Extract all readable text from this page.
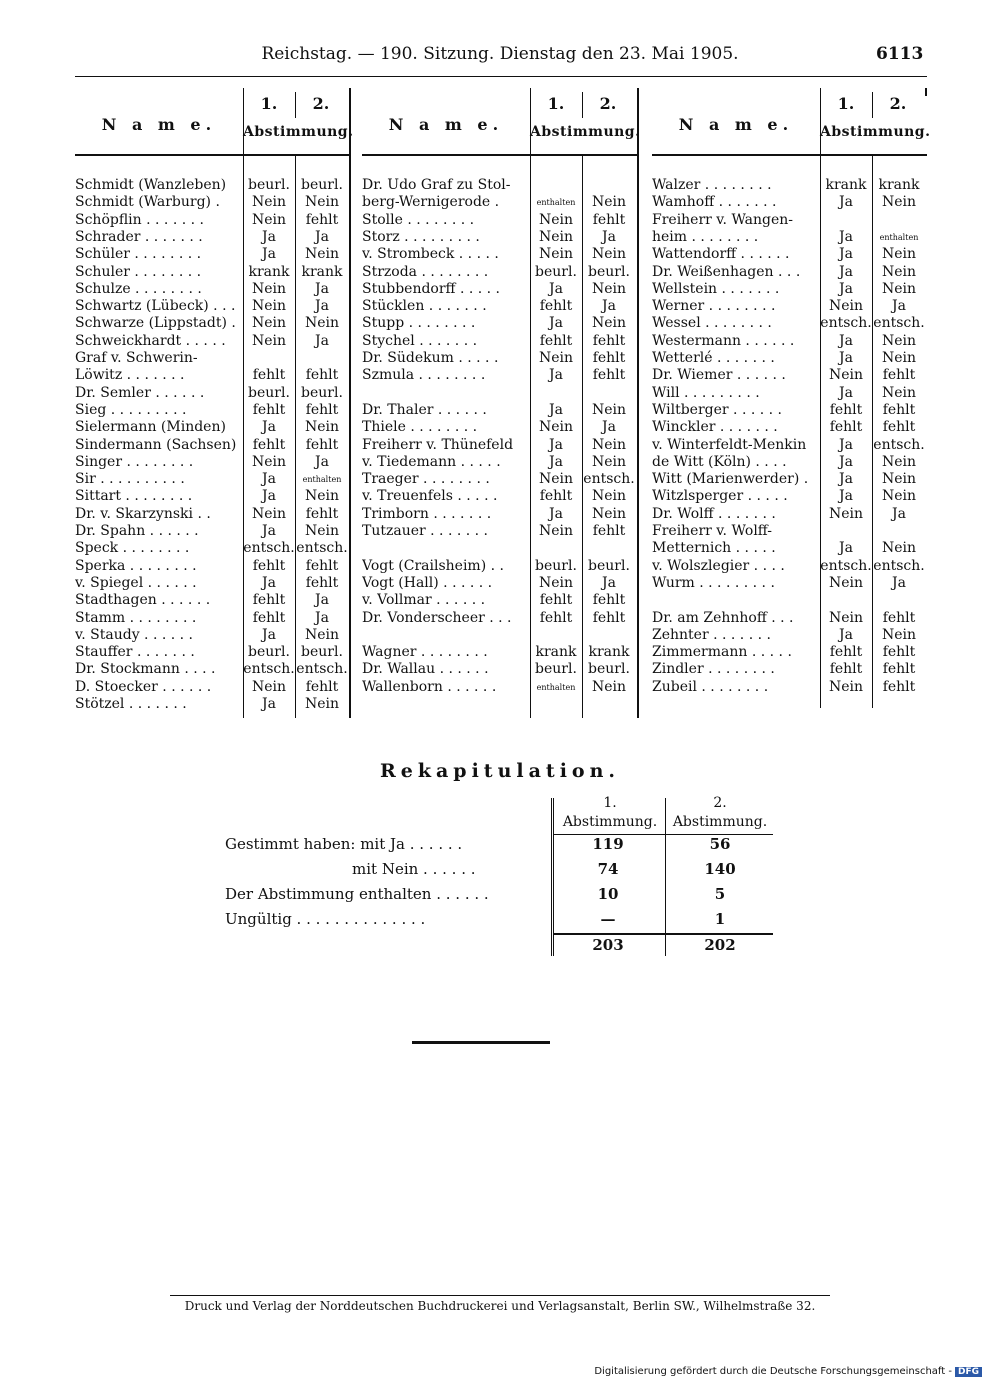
Reichstag. — 190. Sitzung. Dienstag den 23. Mai 1905.	6113
N a m e.
1.	2.
Abstimmung.
Schmidt (Wanzleben)	beurl. beurl.
Schmidt (Warburg) .	Nein	Nein
Schöpflin . . . . . . .	Nein	fehlt
Schrader . . . . . . .	Ja	Ja
Schüler . . . . . . . .	Ja	Nein
Schuler . . . . . . . .	krank krank
Schulze . . . . . . . .	Nein	Ja
Schwartz (Lübeck) . . .	Nein	Ja
Schwarze (Lippstadt) .	Nein	Nein
Schweickhardt . . . . .	Nein	Ja
Graf v. Schwerin-
Löwitz . . . . . . .	fehlt	fehlt
Dr. Semler . . . . . .	beurl. beurl.
Sieg . . . . . . . . .	fehlt	fehlt
Sielermann (Minden)	Ja	Nein
Sindermann (Sachsen)	fehlt	fehlt
Singer . . . . . . . .	Nein	Ja
Sir . . . . . . . . . .	Ja	enthalten
Sittart . . . . . . . .	Ja	Nein
Dr. v. Skarzynski . .	Nein	fehlt
Dr. Spahn . . . . . .	Ja	Nein
Speck . . . . . . . .	entsch. entsch.
Sperka . . . . . . . .	fehlt	fehlt
v. Spiegel . . . . . .	Ja	fehlt
Stadthagen . . . . . .	fehlt	Ja
Stamm . . . . . . . .	fehlt	Ja
v. Staudy . . . . . .	Ja	Nein
Stauffer . . . . . . .	beurl. beurl.
Dr. Stockmann . . . .	entsch. entsch.
D. Stoecker . . . . . .	Nein	fehlt
Stötzel . . . . . . .	Ja	Nein
N a m e.
1.	2.
Abstimmung.
Dr. Udo Graf zu Stol-
berg-Wernigerode .	enthalten	Nein
Stolle . . . . . . . .	Nein	fehlt
Storz . . . . . . . . .	Nein	Ja
v. Strombeck . . . . .	Nein	Nein
Strzoda . . . . . . . .	beurl. beurl.
Stubbendorff . . . . .	Ja	Nein
Stücklen . . . . . . .	fehlt	Ja
Stupp . . . . . . . .	Ja	Nein
Stychel . . . . . . .	fehlt	fehlt
Dr. Südekum . . . . .	Nein	fehlt
Szmula . . . . . . . .	Ja	fehlt
Dr. Thaler . . . . . .	Ja	Nein
Thiele . . . . . . . .	Nein	Ja
Freiherr v. Thünefeld	Ja	Nein
v. Tiedemann . . . . .	Ja	Nein
Traeger . . . . . . . .	Nein entsch.
v. Treuenfels . . . . .	fehlt	Nein
Trimborn . . . . . . .	Ja	Nein
Tutzauer . . . . . . .	Nein	fehlt
Vogt (Crailsheim) . .	beurl. beurl.
Vogt (Hall) . . . . . .	Nein	Ja
v. Vollmar . . . . . .	fehlt	fehlt
Dr. Vonderscheer . . .	fehlt	fehlt
Wagner . . . . . . . .	krank krank
Dr. Wallau . . . . . .	beurl. beurl.
Wallenborn . . . . . .	enthalten	Nein
N a m e.
1.	2.
Abstimmung.
Walzer . . . . . . . .	krank krank
Wamhoff . . . . . . .	Ja	Nein
Freiherr v. Wangen-
heim . . . . . . . .	Ja	enthalten
Wattendorff . . . . . .	Ja	Nein
Dr. Weißenhagen . . .	Ja	Nein
Wellstein . . . . . . .	Ja	Nein
Werner . . . . . . . .	Nein	Ja
Wessel . . . . . . . .	entsch. entsch.
Westermann . . . . . .	Ja	Nein
Wetterlé . . . . . . .	Ja	Nein
Dr. Wiemer . . . . . .	Nein	fehlt
Will . . . . . . . . .	Ja	Nein
Wiltberger . . . . . .	fehlt	fehlt
Winckler . . . . . . .	fehlt	fehlt
v. Winterfeldt-Menkin	Ja	entsch.
de Witt (Köln) . . . .	Ja	Nein
Witt (Marienwerder) .	Ja	Nein
Witzlsperger . . . . .	Ja	Nein
Dr. Wolff . . . . . . .	Nein	Ja
Freiherr v. Wolff-
Metternich . . . . .	Ja	Nein
v. Wolszlegier . . . .	entsch. entsch.
Wurm . . . . . . . . .	Nein	Ja
Dr. am Zehnhoff . . .	Nein	fehlt
Zehnter . . . . . . .	Ja	Nein
Zimmermann . . . . .	fehlt	fehlt
Zindler . . . . . . . .	fehlt	fehlt
Zubeil . . . . . . . .	Nein	fehlt
Rekapitulation.
1.
Abstimmung.
2.
Abstimmung.
Gestimmt haben: mit Ja . . . . . .	119	56
mit Nein . . . . . .	74	140
Der Abstimmung enthalten . . . . . .	10	5
Ungültig . . . . . . . . . . . . . .	—	1
203	202
Druck und Verlag der Norddeutschen Buchdruckerei und Verlagsanstalt, Berlin SW., Wilhelmstraße 32.
Digitalisierung gefördert durch die Deutsche Forschungsgemeinschaft - DFG
